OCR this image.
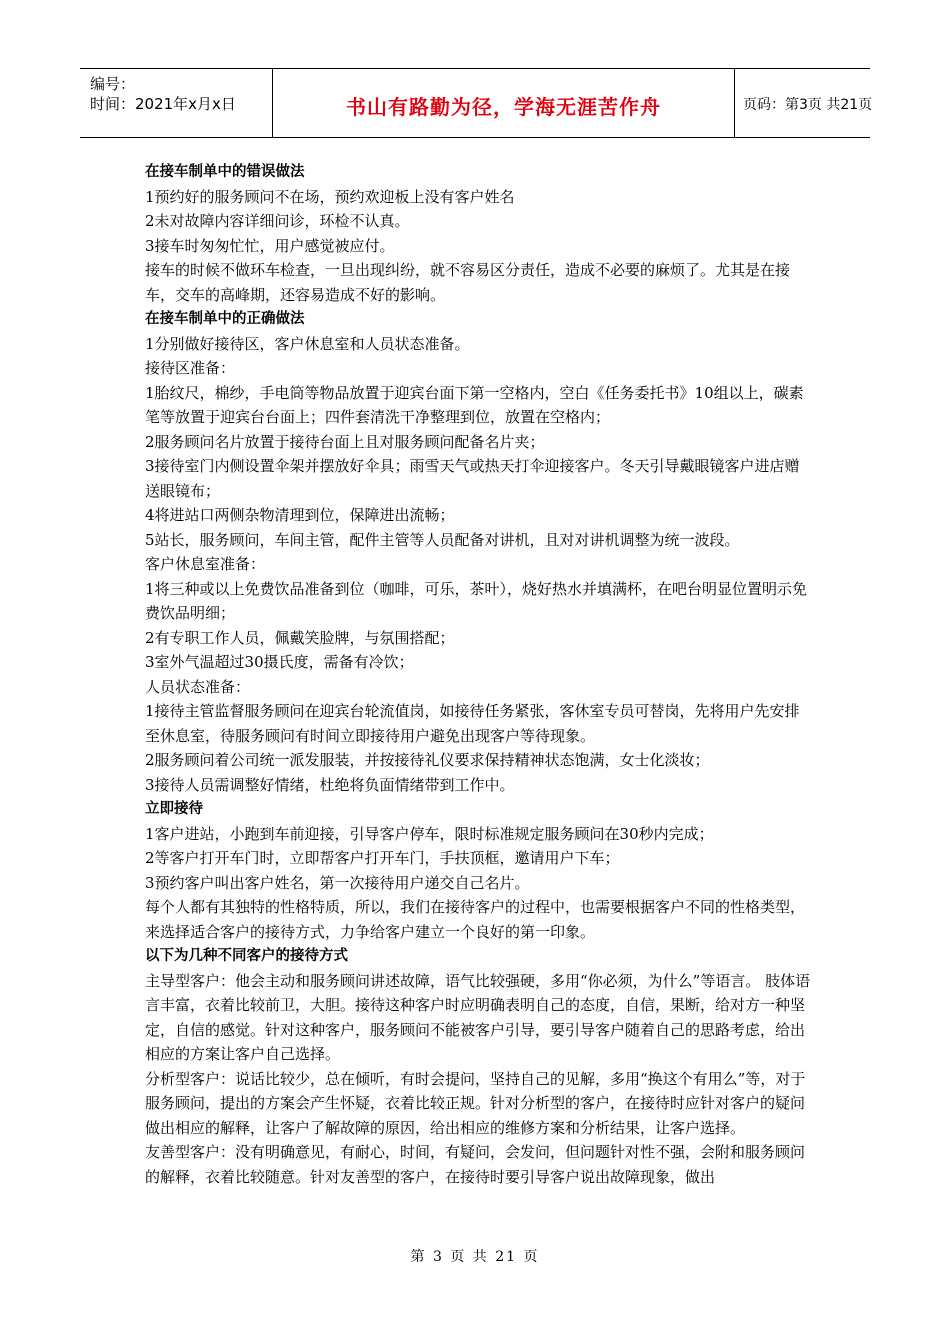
编号：
时间：2021年x月x日	书山有路勤为径，学海无涯苦作舟	页码：第3页 共21页

在接车制单中的错误做法

1预约好的服务顾问不在场，预约欢迎板上没有客户姓名

2未对故障内容详细问诊，环检不认真。

3接车时匆匆忙忙，用户感觉被应付。

接车的时候不做环车检查，一旦出现纠纷，就不容易区分责任，造成不必要的麻烦了。尤其是在接车，交车的高峰期，还容易造成不好的影响。

在接车制单中的正确做法

1分别做好接待区，客户休息室和人员状态准备。

接待区准备：

1胎纹尺，棉纱，手电筒等物品放置于迎宾台面下第一空格内，空白《任务委托书》10组以上，碳素笔等放置于迎宾台台面上；四件套清洗干净整理到位，放置在空格内；

2服务顾问名片放置于接待台面上且对服务顾问配备名片夹；

3接待室门内侧设置伞架并摆放好伞具；雨雪天气或热天打伞迎接客户。冬天引导戴眼镜客户进店赠送眼镜布；

4将进站口两侧杂物清理到位，保障进出流畅；

5站长，服务顾问，车间主管，配件主管等人员配备对讲机，且对对讲机调整为统一波段。

客户休息室准备：

1将三种或以上免费饮品准备到位（咖啡，可乐，茶叶），烧好热水并填满杯，在吧台明显位置明示免费饮品明细；

2有专职工作人员，佩戴笑脸牌，与氛围搭配；

3室外气温超过30摄氏度，需备有冷饮；

人员状态准备：

1接待主管监督服务顾问在迎宾台轮流值岗，如接待任务紧张，客休室专员可替岗，先将用户先安排至休息室，待服务顾问有时间立即接待用户避免出现客户等待现象。

2服务顾问着公司统一派发服装，并按接待礼仪要求保持精神状态饱满，女士化淡妆；

3接待人员需调整好情绪，杜绝将负面情绪带到工作中。

立即接待

1客户进站，小跑到车前迎接，引导客户停车，限时标准规定服务顾问在30秒内完成；

2等客户打开车门时，立即帮客户打开车门，手扶顶框，邀请用户下车；

3预约客户叫出客户姓名，第一次接待用户递交自己名片。

每个人都有其独特的性格特质，所以，我们在接待客户的过程中，也需要根据客户不同的性格类型，来选择适合客户的接待方式，力争给客户建立一个良好的第一印象。

以下为几种不同客户的接待方式

主导型客户：他会主动和服务顾问讲述故障，语气比较强硬，多用“你必须，为什么”等语言。 肢体语言丰富，衣着比较前卫，大胆。接待这种客户时应明确表明自己的态度，自信，果断，给对方一种坚定，自信的感觉。针对这种客户，服务顾问不能被客户引导，要引导客户随着自己的思路考虑，给出相应的方案让客户自己选择。

分析型客户：说话比较少，总在倾听，有时会提问，坚持自己的见解，多用“换这个有用么”等，对于服务顾问，提出的方案会产生怀疑，衣着比较正规。针对分析型的客户，在接待时应针对客户的疑问做出相应的解释，让客户了解故障的原因，给出相应的维修方案和分析结果，让客户选择。

友善型客户：没有明确意见，有耐心，时间，有疑问，会发问，但问题针对性不强，会附和服务顾问的解释，衣着比较随意。针对友善型的客户，在接待时要引导客户说出故障现象，做出

第 3 页 共 21 页
